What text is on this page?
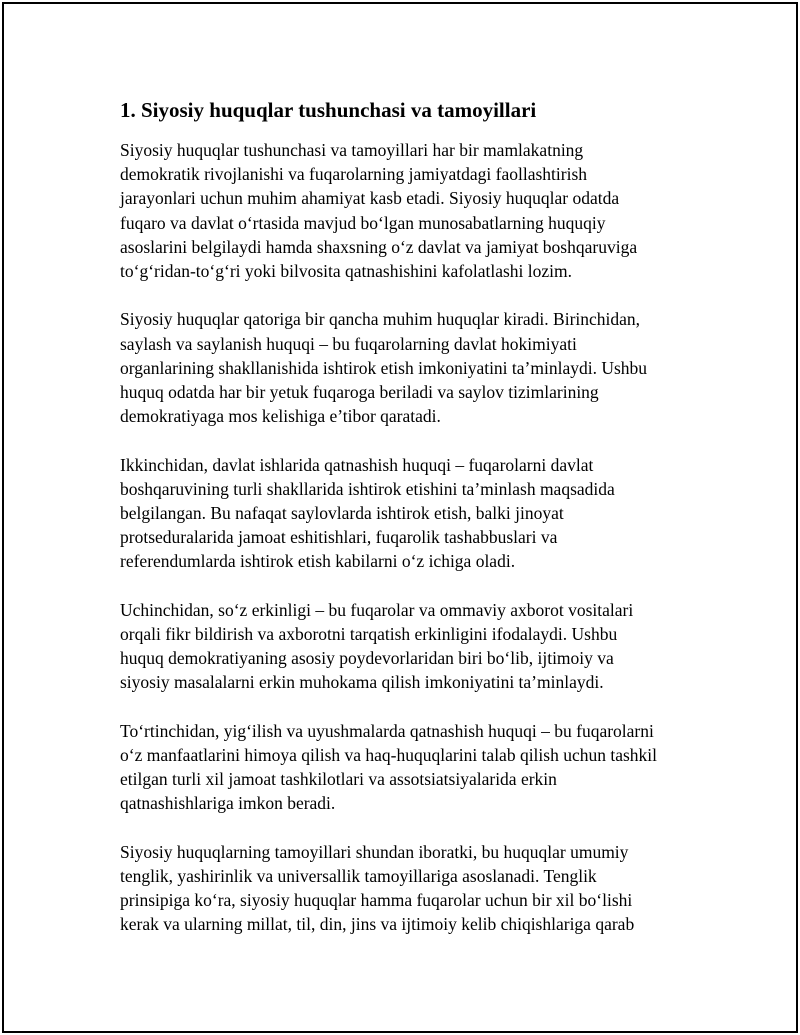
1. Siyosiy huquqlar tushunchasi va tamoyillari
Siyosiy huquqlar tushunchasi va tamoyillari har bir mamlakatning
demokratik rivojlanishi va fuqarolarning jamiyatdagi faollashtirish
jarayonlari uchun muhim ahamiyat kasb etadi. Siyosiy huquqlar odatda
fuqaro va davlat o‘rtasida mavjud bo‘lgan munosabatlarning huquqiy
asoslarini belgilaydi hamda shaxsning o‘z davlat va jamiyat boshqaruviga
to‘g‘ridan-to‘g‘ri yoki bilvosita qatnashishini kafolatlashi lozim.
Siyosiy huquqlar qatoriga bir qancha muhim huquqlar kiradi. Birinchidan,
saylash va saylanish huquqi – bu fuqarolarning davlat hokimiyati
organlarining shakllanishida ishtirok etish imkoniyatini ta’minlaydi. Ushbu
huquq odatda har bir yetuk fuqaroga beriladi va saylov tizimlarining
demokratiyaga mos kelishiga e’tibor qaratadi.
Ikkinchidan, davlat ishlarida qatnashish huquqi – fuqarolarni davlat
boshqaruvining turli shakllarida ishtirok etishini ta’minlash maqsadida
belgilangan. Bu nafaqat saylovlarda ishtirok etish, balki jinoyat
protseduralarida jamoat eshitishlari, fuqarolik tashabbuslari va
referendumlarda ishtirok etish kabilarni o‘z ichiga oladi.
Uchinchidan, so‘z erkinligi – bu fuqarolar va ommaviy axborot vositalari
orqali fikr bildirish va axborotni tarqatish erkinligini ifodalaydi. Ushbu
huquq demokratiyaning asosiy poydevorlaridan biri bo‘lib, ijtimoiy va
siyosiy masalalarni erkin muhokama qilish imkoniyatini ta’minlaydi.
To‘rtinchidan, yig‘ilish va uyushmalarda qatnashish huquqi – bu fuqarolarni
o‘z manfaatlarini himoya qilish va haq-huquqlarini talab qilish uchun tashkil
etilgan turli xil jamoat tashkilotlari va assotsiatsiyalarida erkin
qatnashishlariga imkon beradi.
Siyosiy huquqlarning tamoyillari shundan iboratki, bu huquqlar umumiy
tenglik, yashirinlik va universallik tamoyillariga asoslanadi. Tenglik
prinsipiga ko‘ra, siyosiy huquqlar hamma fuqarolar uchun bir xil bo‘lishi
kerak va ularning millat, til, din, jins va ijtimoiy kelib chiqishlariga qarab
